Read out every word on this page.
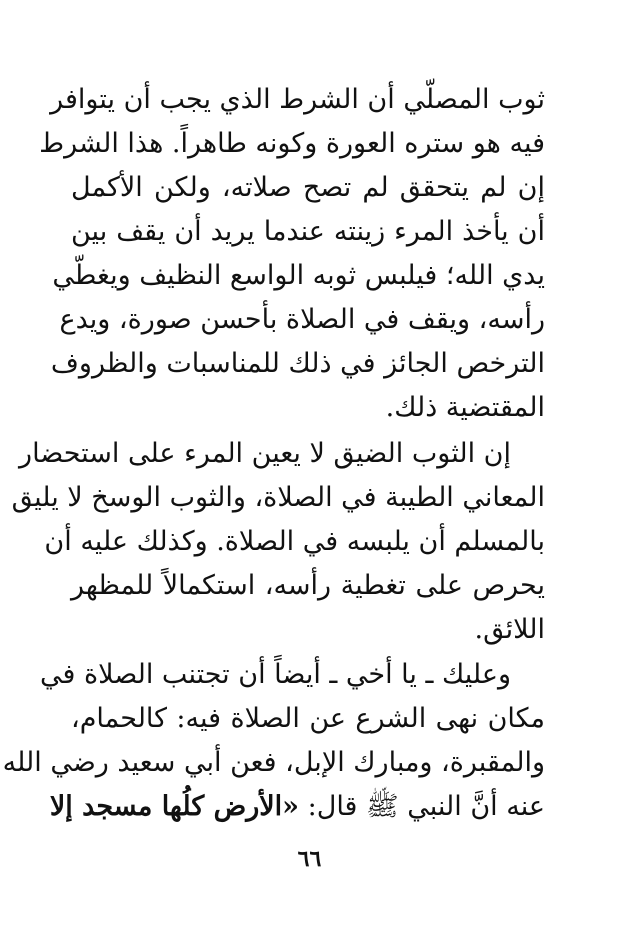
ثوب المصلّي أن الشرط الذي يجب أن يتوافر
فيه هو ستره العورة وكونه طاهراً. هذا الشرط
إن لم يتحقق لم تصح صلاته، ولكن الأكمل
أن يأخذ المرء زينته عندما يريد أن يقف بين
يدي الله؛ فيلبس ثوبه الواسع النظيف ويغطّي
رأسه، ويقف في الصلاة بأحسن صورة، ويدع
الترخص الجائز في ذلك للمناسبات والظروف
المقتضية ذلك.
إن الثوب الضيق لا يعين المرء على استحضار
المعاني الطيبة في الصلاة، والثوب الوسخ لا يليق
بالمسلم أن يلبسه في الصلاة. وكذلك عليه أن
يحرص على تغطية رأسه، استكمالاً للمظهر
اللائق.
وعليك ـ يا أخي ـ أيضاً أن تجتنب الصلاة في
مكان نهى الشرع عن الصلاة فيه: كالحمام،
والمقبرة، ومبارك الإبل، فعن أبي سعيد رضي الله
عنه أنَّ النبي ﷺ قال: «الأرض كلُها مسجد إلا
٦٦
